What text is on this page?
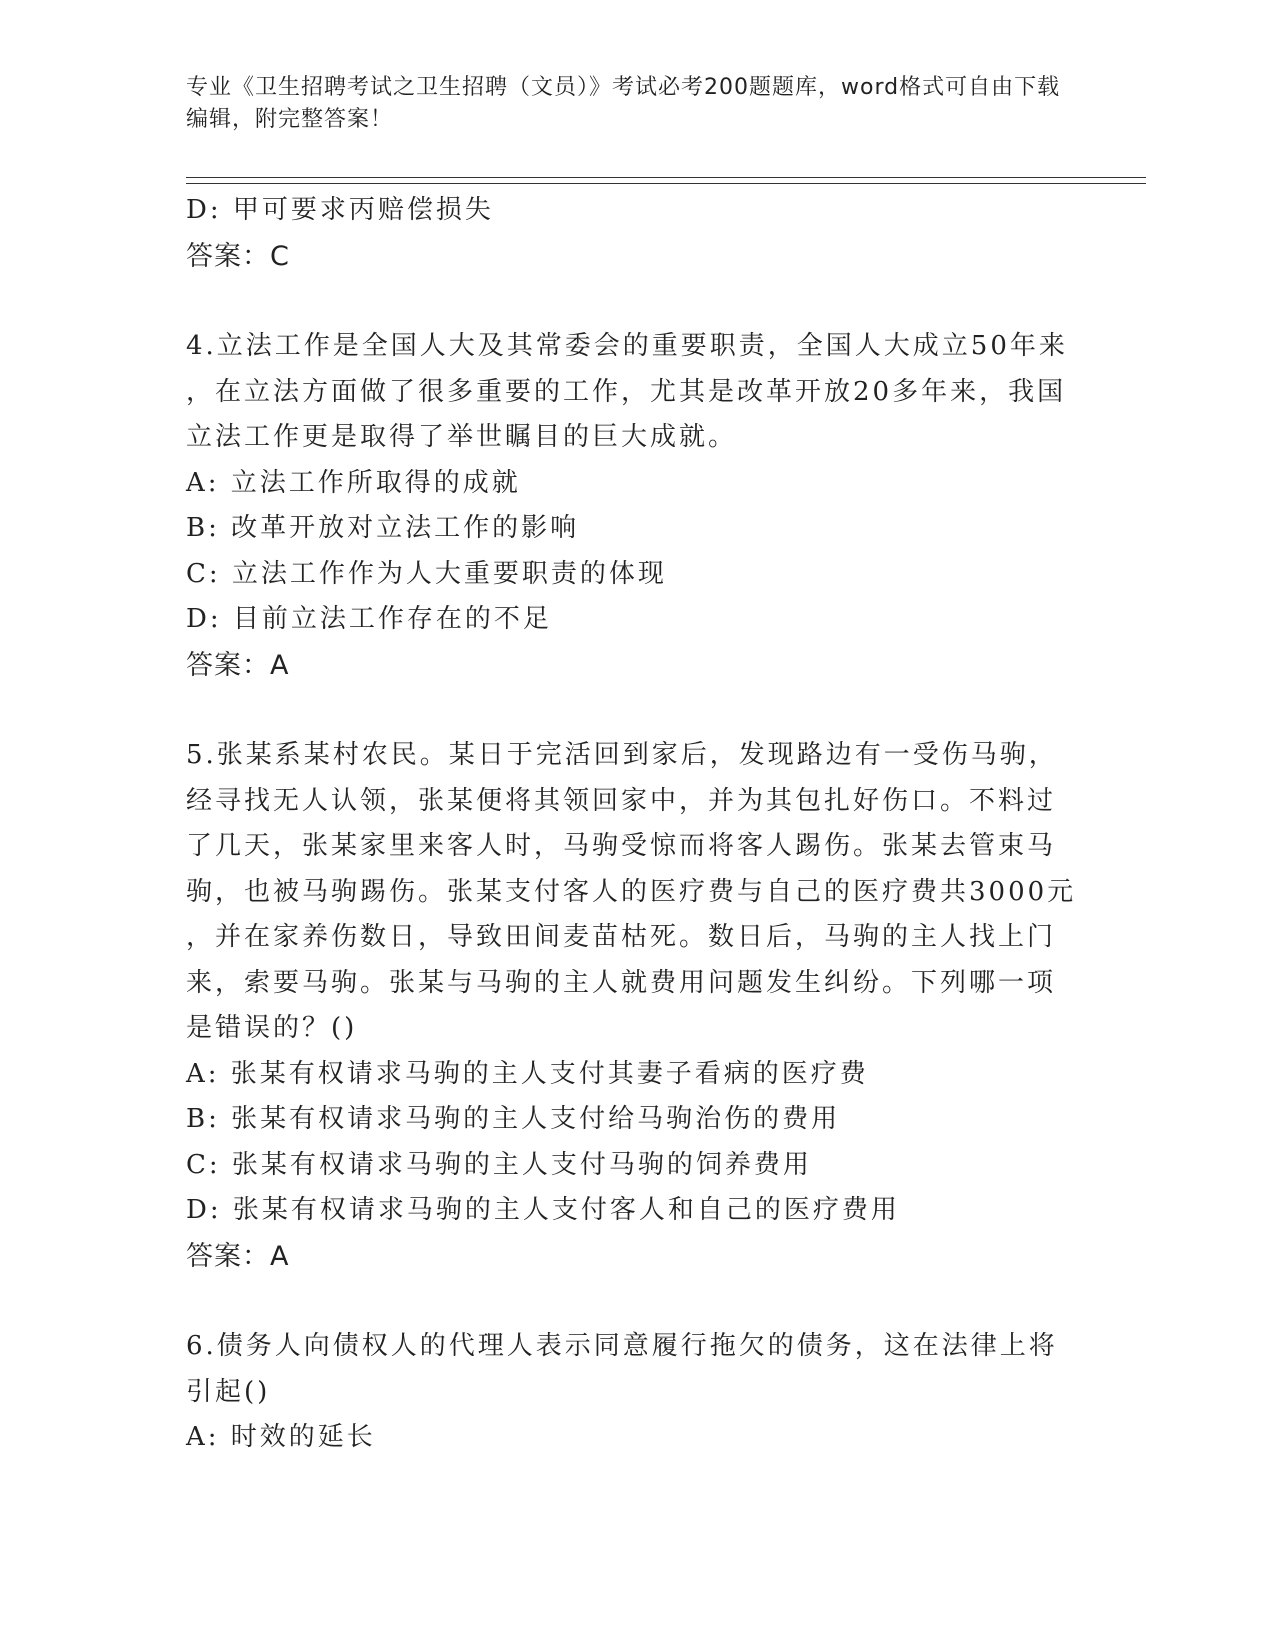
专业《卫生招聘考试之卫生招聘（文员）》考试必考200题题库，word格式可自由下载编辑，附完整答案！
D: 甲可要求丙赔偿损失
答案：C
4.立法工作是全国人大及其常委会的重要职责，全国人大成立50年来
，在立法方面做了很多重要的工作，尤其是改革开放20多年来，我国
立法工作更是取得了举世瞩目的巨大成就。
A: 立法工作所取得的成就
B: 改革开放对立法工作的影响
C: 立法工作作为人大重要职责的体现
D: 目前立法工作存在的不足
答案：A
5.张某系某村农民。某日于完活回到家后，发现路边有一受伤马驹，
经寻找无人认领，张某便将其领回家中，并为其包扎好伤口。不料过
了几天，张某家里来客人时，马驹受惊而将客人踢伤。张某去管束马
驹，也被马驹踢伤。张某支付客人的医疗费与自己的医疗费共3000元
，并在家养伤数日，导致田间麦苗枯死。数日后，马驹的主人找上门
来，索要马驹。张某与马驹的主人就费用问题发生纠纷。下列哪一项
是错误的？()
A: 张某有权请求马驹的主人支付其妻子看病的医疗费
B: 张某有权请求马驹的主人支付给马驹治伤的费用
C: 张某有权请求马驹的主人支付马驹的饲养费用
D: 张某有权请求马驹的主人支付客人和自己的医疗费用
答案：A
6.债务人向债权人的代理人表示同意履行拖欠的债务，这在法律上将
引起()
A: 时效的延长
